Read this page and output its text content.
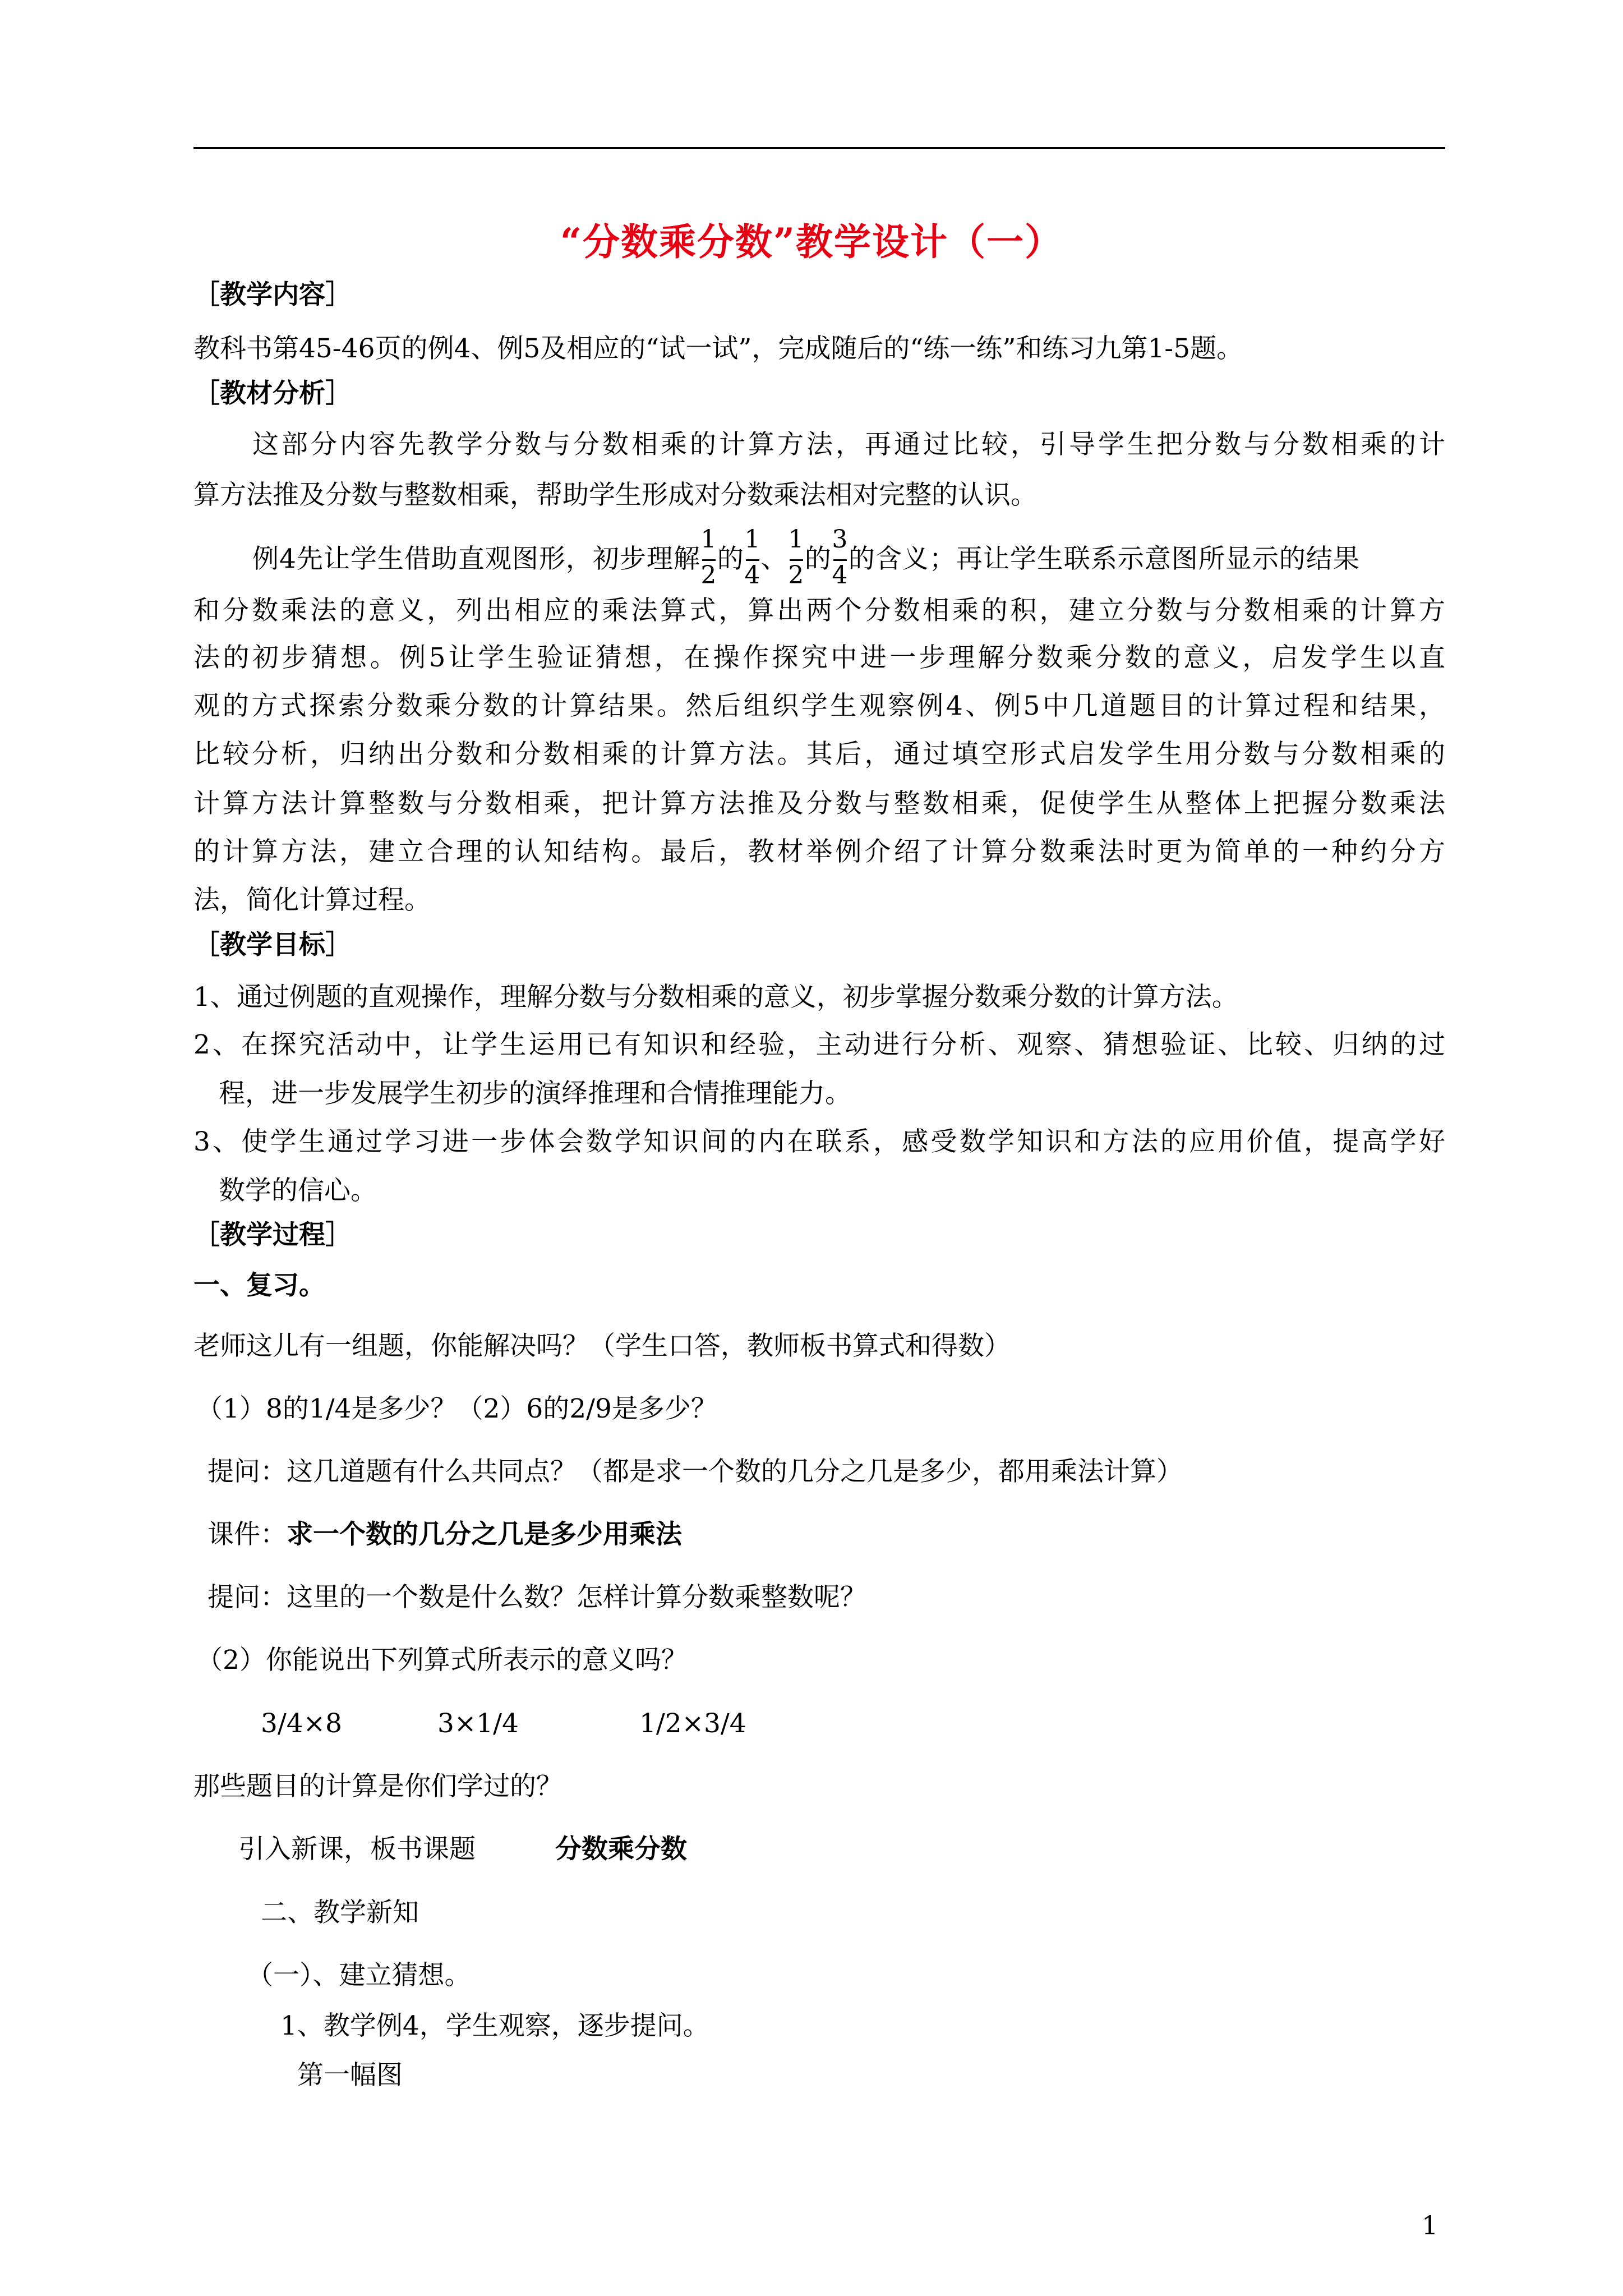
“分数乘分数”教学设计（一）
［教学内容］
教科书第45-46页的例4、例5及相应的“试一试”，完成随后的“练一练”和练习九第1-5题。
［教材分析］
这部分内容先教学分数与分数相乘的计算方法，再通过比较，引导学生把分数与分数相乘的计
算方法推及分数与整数相乘，帮助学生形成对分数乘法相对完整的认识。
例4先让学生借助直观图形，初步理解 $\frac{1}{2}$ 的 $\frac{1}{4}$ 、 $\frac{1}{2}$ 的 $\frac{3}{4}$ 的含义；再让学生联系示意图所显示的结果
和分数乘法的意义，列出相应的乘法算式，算出两个分数相乘的积，建立分数与分数相乘的计算方
法的初步猜想。例5让学生验证猜想，在操作探究中进一步理解分数乘分数的意义，启发学生以直
观的方式探索分数乘分数的计算结果。然后组织学生观察例4、例5中几道题目的计算过程和结果，
比较分析，归纳出分数和分数相乘的计算方法。其后，通过填空形式启发学生用分数与分数相乘的
计算方法计算整数与分数相乘，把计算方法推及分数与整数相乘，促使学生从整体上把握分数乘法
的计算方法，建立合理的认知结构。最后，教材举例介绍了计算分数乘法时更为简单的一种约分方
法，简化计算过程。
［教学目标］
1、通过例题的直观操作，理解分数与分数相乘的意义，初步掌握分数乘分数的计算方法。
2、在探究活动中，让学生运用已有知识和经验，主动进行分析、观察、猜想验证、比较、归纳的过
程，进一步发展学生初步的演绎推理和合情推理能力。
3、使学生通过学习进一步体会数学知识间的内在联系，感受数学知识和方法的应用价值，提高学好
数学的信心。
［教学过程］
一、复习。
老师这儿有一组题，你能解决吗？（学生口答，教师板书算式和得数）
（1）8的1/4是多少？（2）6的2/9是多少？
提问：这几道题有什么共同点？（都是求一个数的几分之几是多少，都用乘法计算）
课件：求一个数的几分之几是多少用乘法
提问：这里的一个数是什么数？怎样计算分数乘整数呢？
（2）你能说出下列算式所表示的意义吗？
3/4×8	3×1/4	1/2×3/4
那些题目的计算是你们学过的？
引入新课，板书课题	分数乘分数
二、教学新知
（一）、建立猜想。
1、教学例4，学生观察，逐步提问。
第一幅图
1
